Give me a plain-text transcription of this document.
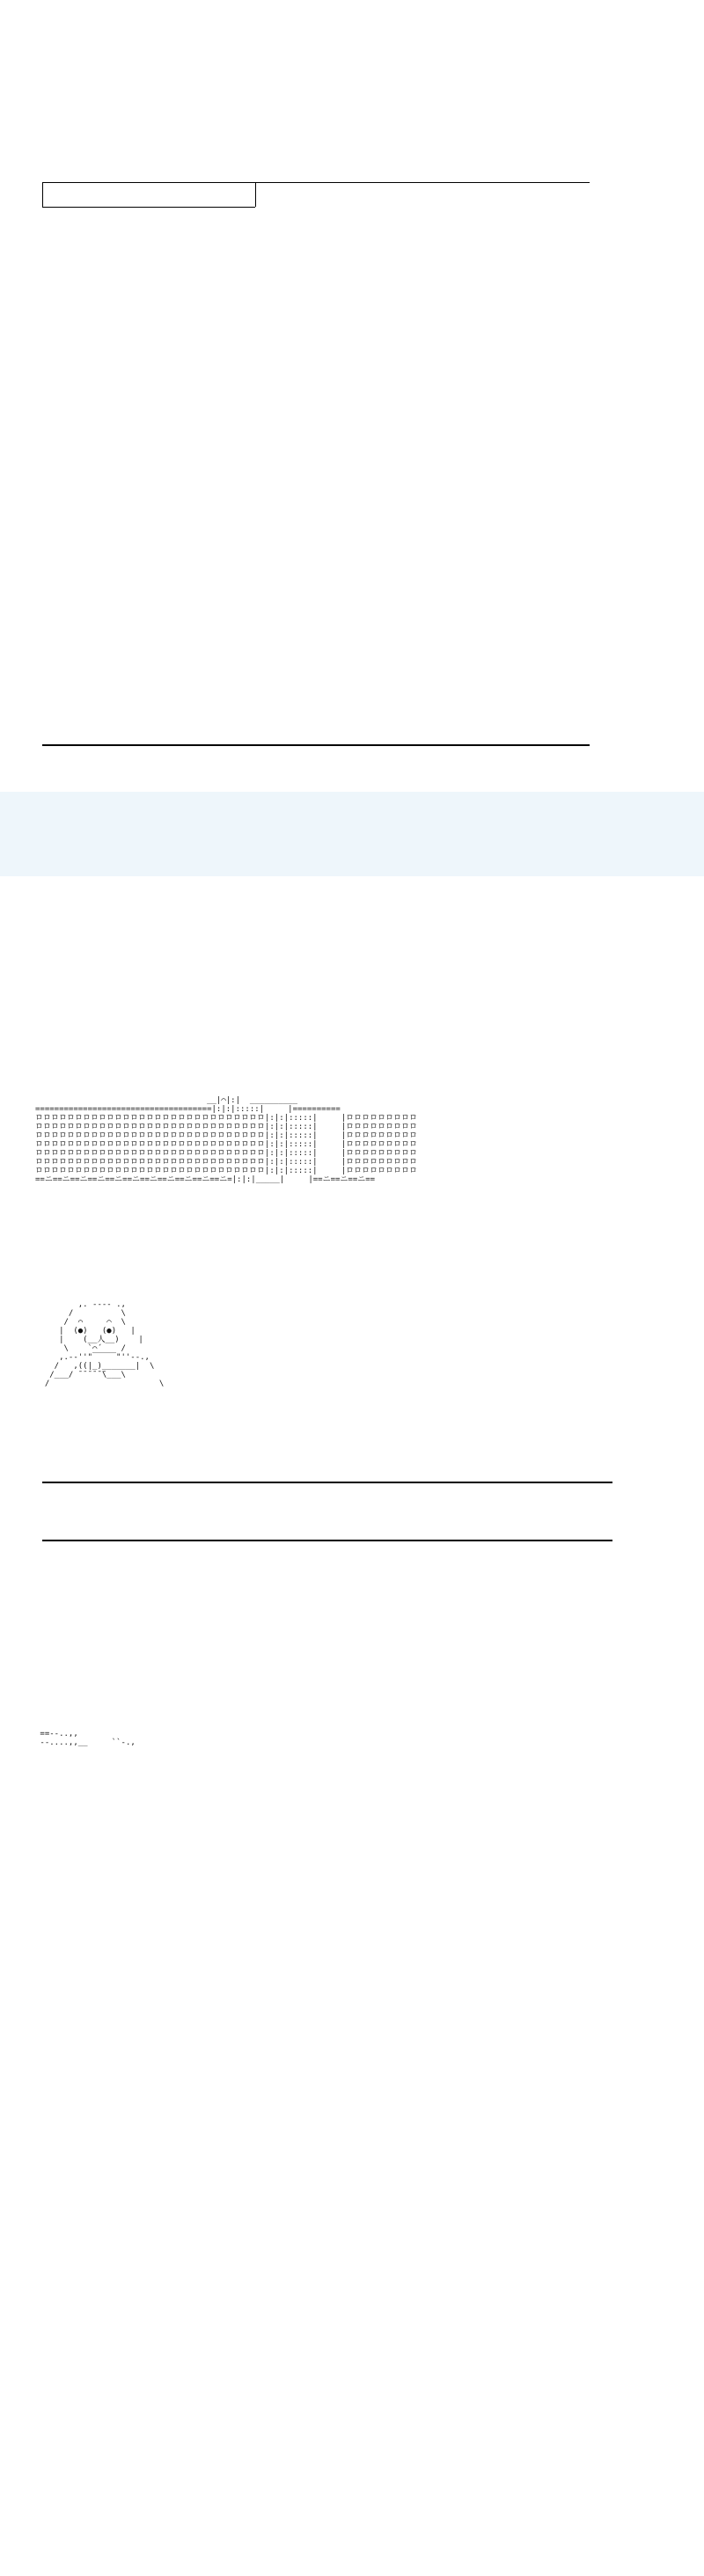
__|⌒|:|  __________
=====================================|:|:|:::::|     |==========
ロロロロロロロロロロロロロロロロロロロロロロロロロロロロロ|:|:|:::::|     |ロロロロロロロロロ
ロロロロロロロロロロロロロロロロロロロロロロロロロロロロロ|:|:|:::::|     |ロロロロロロロロロ
ロロロロロロロロロロロロロロロロロロロロロロロロロロロロロ|:|:|:::::|     |ロロロロロロロロロ
ロロロロロロロロロロロロロロロロロロロロロロロロロロロロロ|:|:|:::::|     |ロロロロロロロロロ
ロロロロロロロロロロロロロロロロロロロロロロロロロロロロロ|:|:|:::::|     |ロロロロロロロロロ
ロロロロロロロロロロロロロロロロロロロロロロロロロロロロロ|:|:|:::::|     |ロロロロロロロロロ
ロロロロロロロロロロロロロロロロロロロロロロロロロロロロロ|:|:|:::::|     |ロロロロロロロロロ
==ニ==ニ==ニ==ニ==ニ==ニ==ニ==ニ==ニ==ニ==ニ=|:|:|_____|     |==ニ==ニ==ニ==
,. -‐-- .,
/          \
/  ⌒     ⌒  \
|  (●)   (●)   |
|    (__人__)    |
\    `⌒´    /
,.-‐''"￣￣￣"''‐-.,
/   ,((|_)_______|  \
/___/ ̄ ̄ ̄ ̄ ̄ ̄\___\
/                       \
==--..,,
‐-....,,__     ``‐.,
